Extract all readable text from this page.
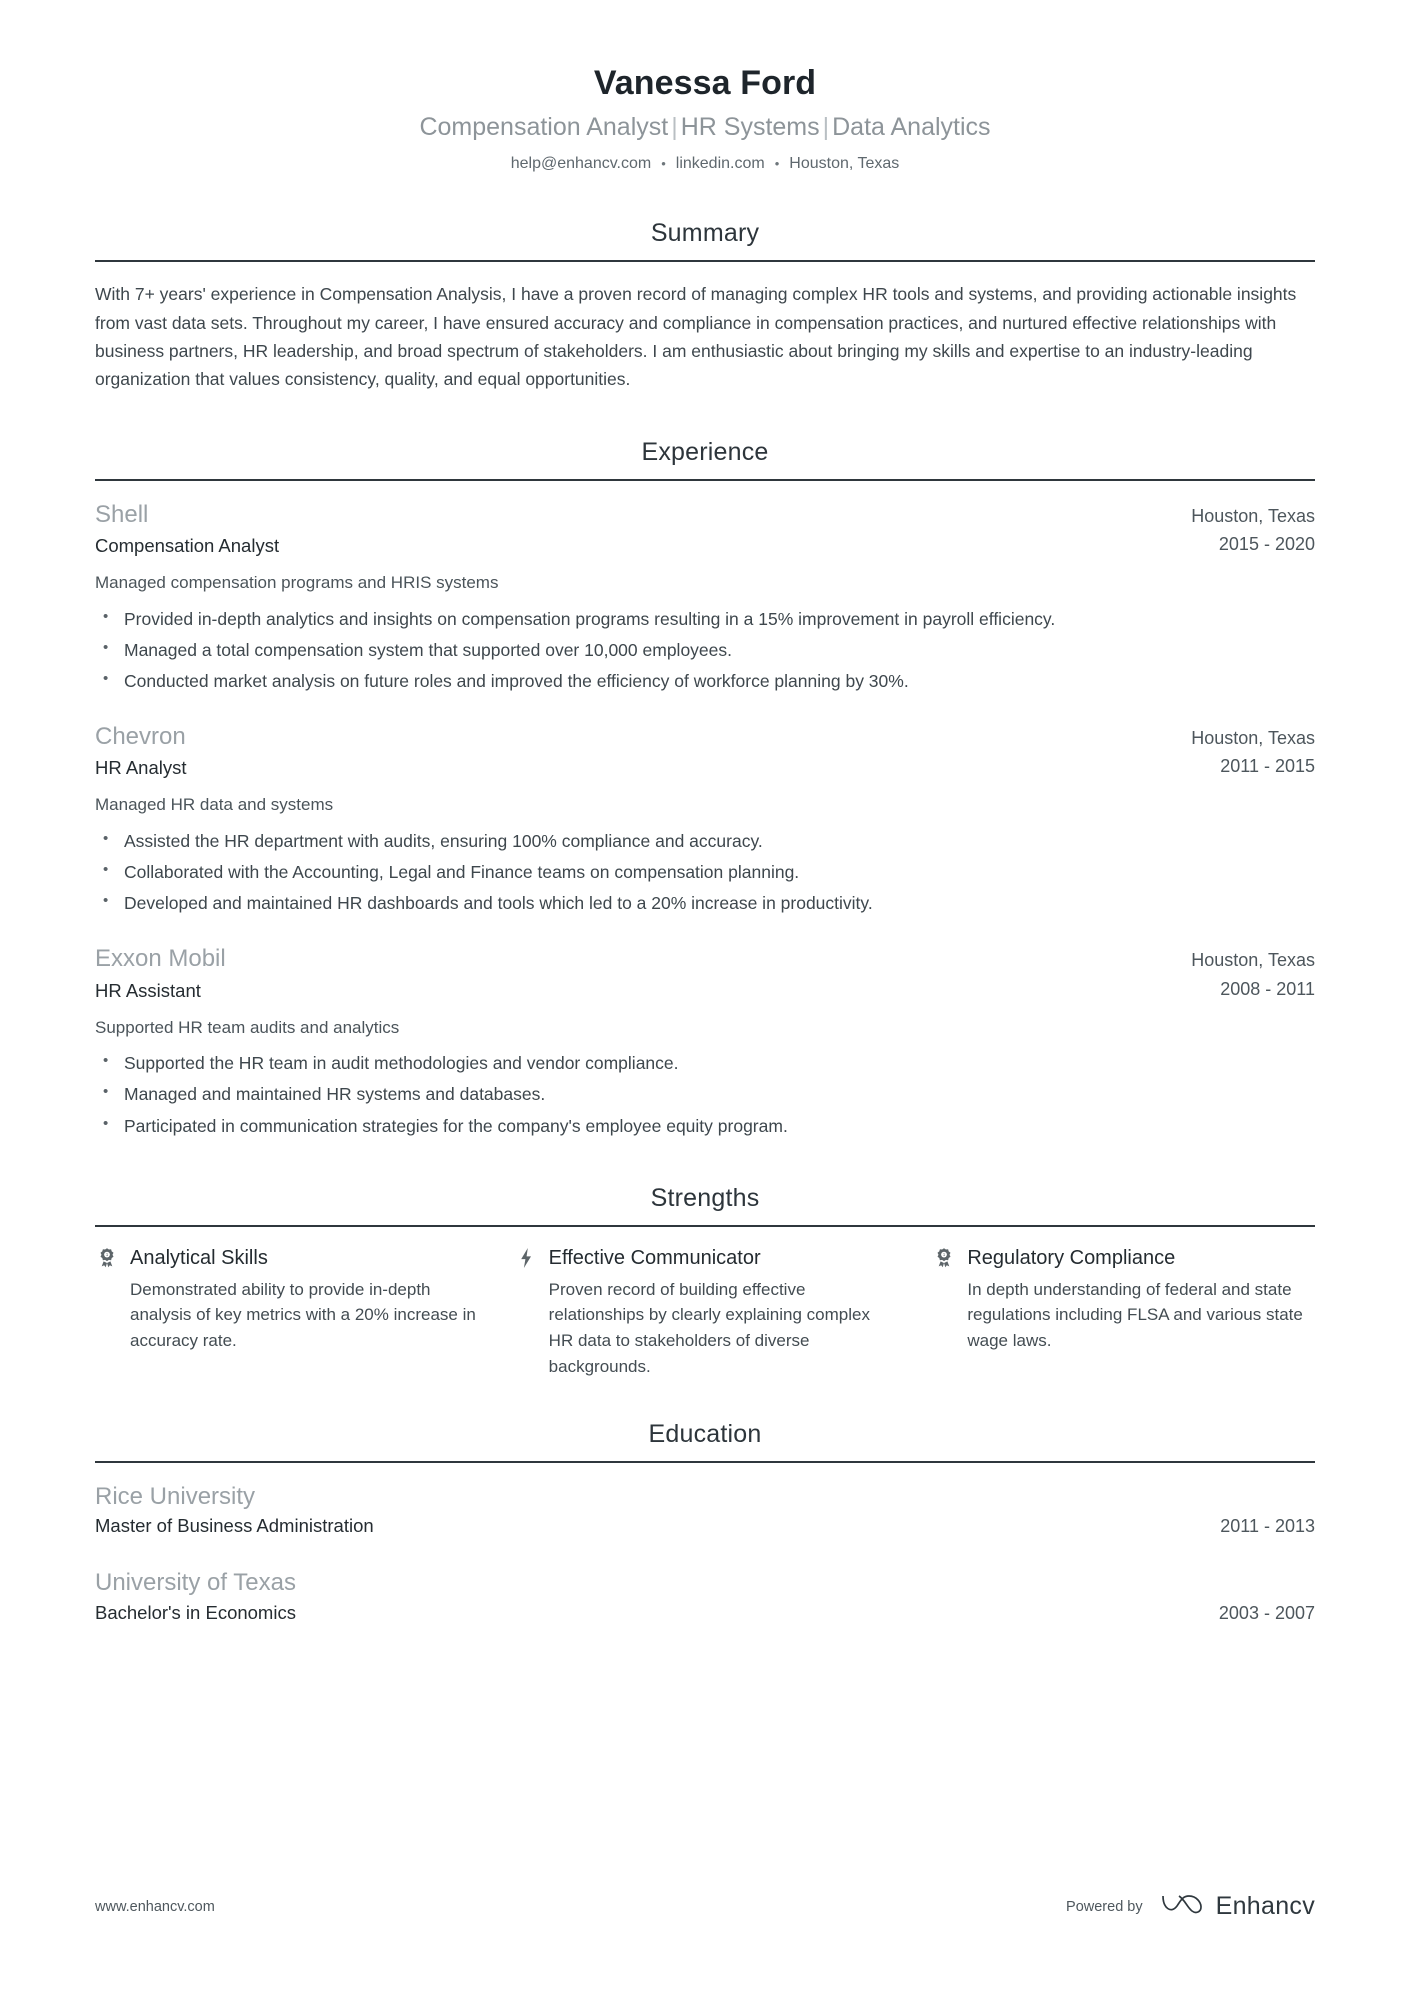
Vanessa Ford
Compensation Analyst | HR Systems | Data Analytics
help@enhancv.com • linkedin.com • Houston, Texas
Summary

With 7+ years' experience in Compensation Analysis, I have a proven record of managing complex HR tools and systems, and providing actionable insights from vast data sets. Throughout my career, I have ensured accuracy and compliance in compensation practices, and nurtured effective relationships with business partners, HR leadership, and broad spectrum of stakeholders. I am enthusiastic about bringing my skills and expertise to an industry-leading organization that values consistency, quality, and equal opportunities.

Experience
Shell
Compensation Analyst
Houston, Texas
2015 - 2020
Managed compensation programs and HRIS systems
• Provided in-depth analytics and insights on compensation programs resulting in a 15% improvement in payroll efficiency.
• Managed a total compensation system that supported over 10,000 employees.
• Conducted market analysis on future roles and improved the efficiency of workforce planning by 30%.
Chevron
HR Analyst
Houston, Texas
2011 - 2015
Managed HR data and systems
• Assisted the HR department with audits, ensuring 100% compliance and accuracy.
• Collaborated with the Accounting, Legal and Finance teams on compensation planning.
• Developed and maintained HR dashboards and tools which led to a 20% increase in productivity.
Exxon Mobil
HR Assistant
Houston, Texas
2008 - 2011
Supported HR team audits and analytics
• Supported the HR team in audit methodologies and vendor compliance.
• Managed and maintained HR systems and databases.
• Participated in communication strategies for the company's employee equity program.
Strengths
1 Analytical Skills
Demonstrated ability to provide in-depth analysis of key metrics with a 20% increase in accuracy rate.
Effective Communicator
Proven record of building effective relationships by clearly explaining complex HR data to stakeholders of diverse backgrounds.
1 Regulatory Compliance
In depth understanding of federal and state regulations including FLSA and various state wage laws.
Education
Rice University
Master of Business Administration	2011 - 2013
University of Texas
Bachelor's in Economics	2003 - 2007
www.enhancv.com	Powered by	Enhancv
